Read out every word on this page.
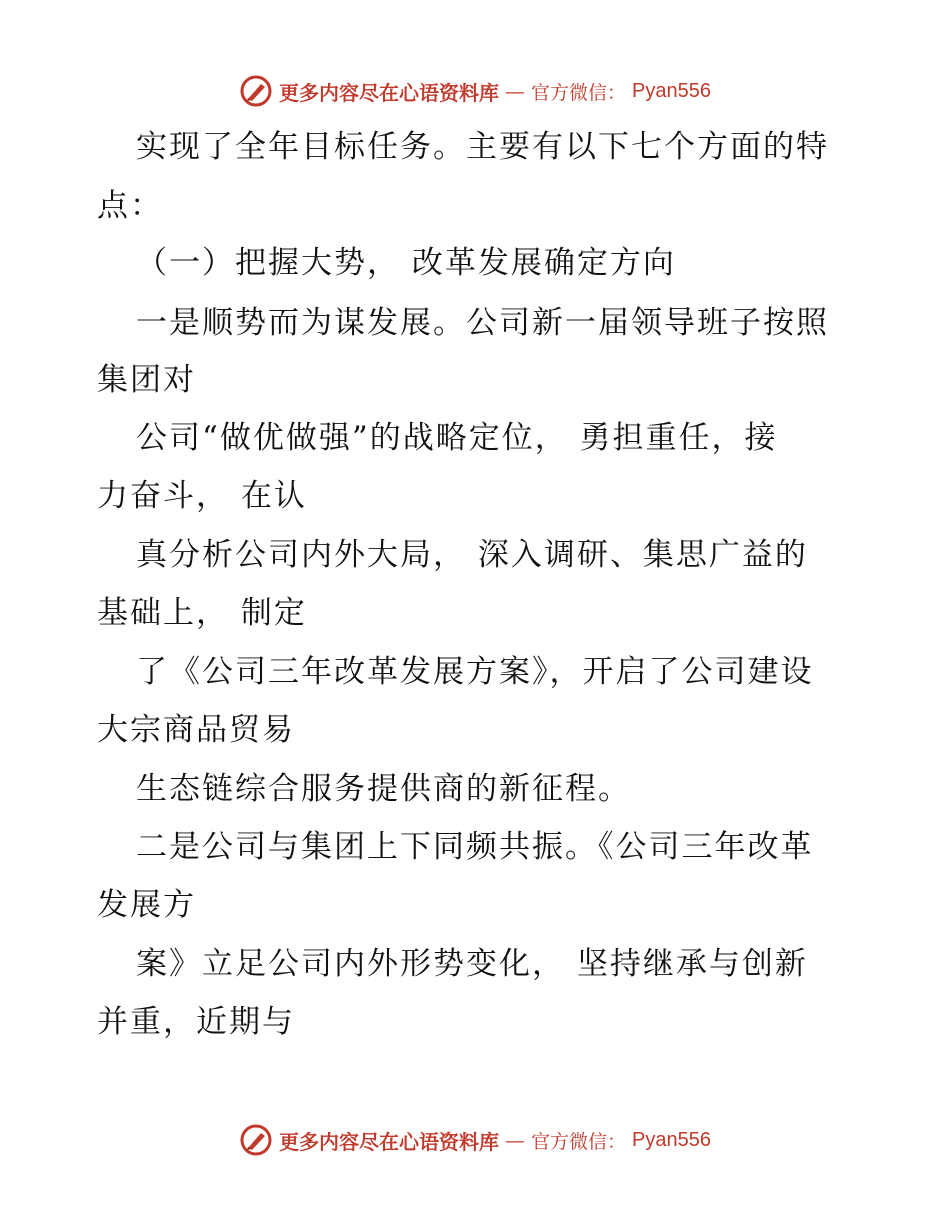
更多内容尽在心语资料库 — 官方微信： Pyan556
实现了全年目标任务。主要有以下七个方面的特
点：
（一）把握大势， 改革发展确定方向
一是顺势而为谋发展。公司新一届领导班子按照
集团对
公司“做优做强”的战略定位， 勇担重任，接
力奋斗， 在认
真分析公司内外大局， 深入调研、集思广益的
基础上， 制定
了《公司三年改革发展方案》，开启了公司建设
大宗商品贸易
生态链综合服务提供商的新征程。
二是公司与集团上下同频共振。《公司三年改革
发展方
案》立足公司内外形势变化， 坚持继承与创新
并重，近期与
更多内容尽在心语资料库 — 官方微信： Pyan556
